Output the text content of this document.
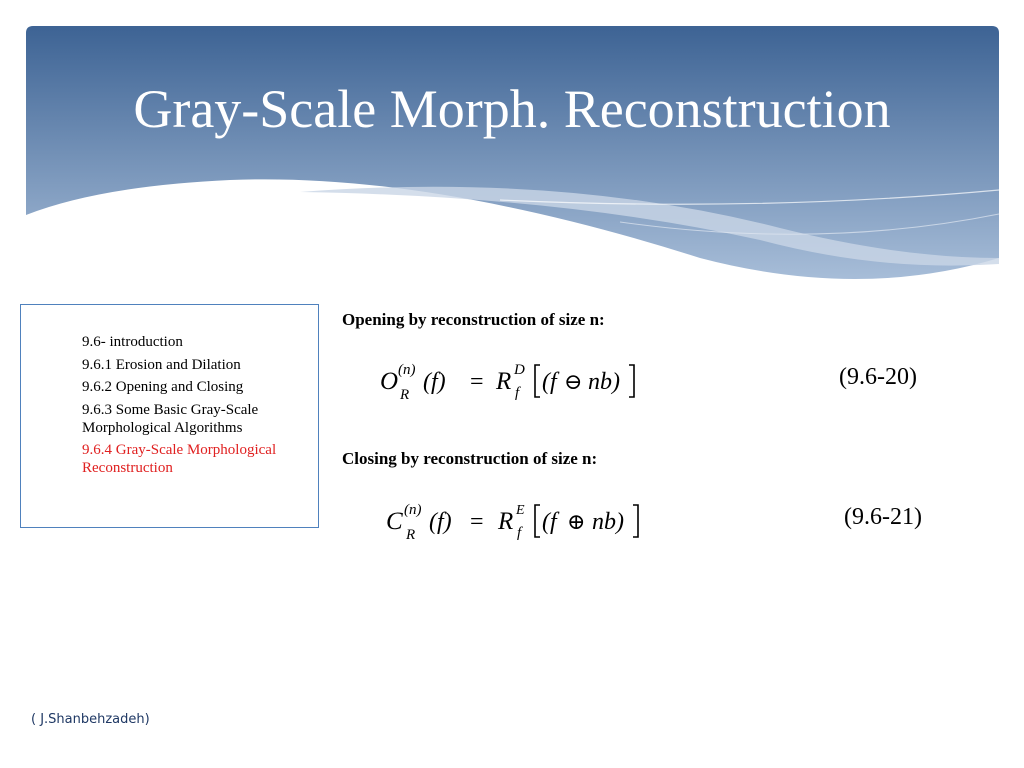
Gray-Scale Morph. Reconstruction
9.6- introduction
9.6.1 Erosion and Dilation
9.6.2 Opening and Closing
9.6.3 Some Basic Gray-Scale Morphological Algorithms
9.6.4 Gray-Scale Morphological Reconstruction
Opening by reconstruction of size n:
O (n)
R (f) = R D
f (f ⊖ nb)	(9.6-20)
Closing by reconstruction of size n:
C (n)
R (f) = R E
f (f ⊕ nb)	(9.6-21)
( J.Shanbehzadeh)
